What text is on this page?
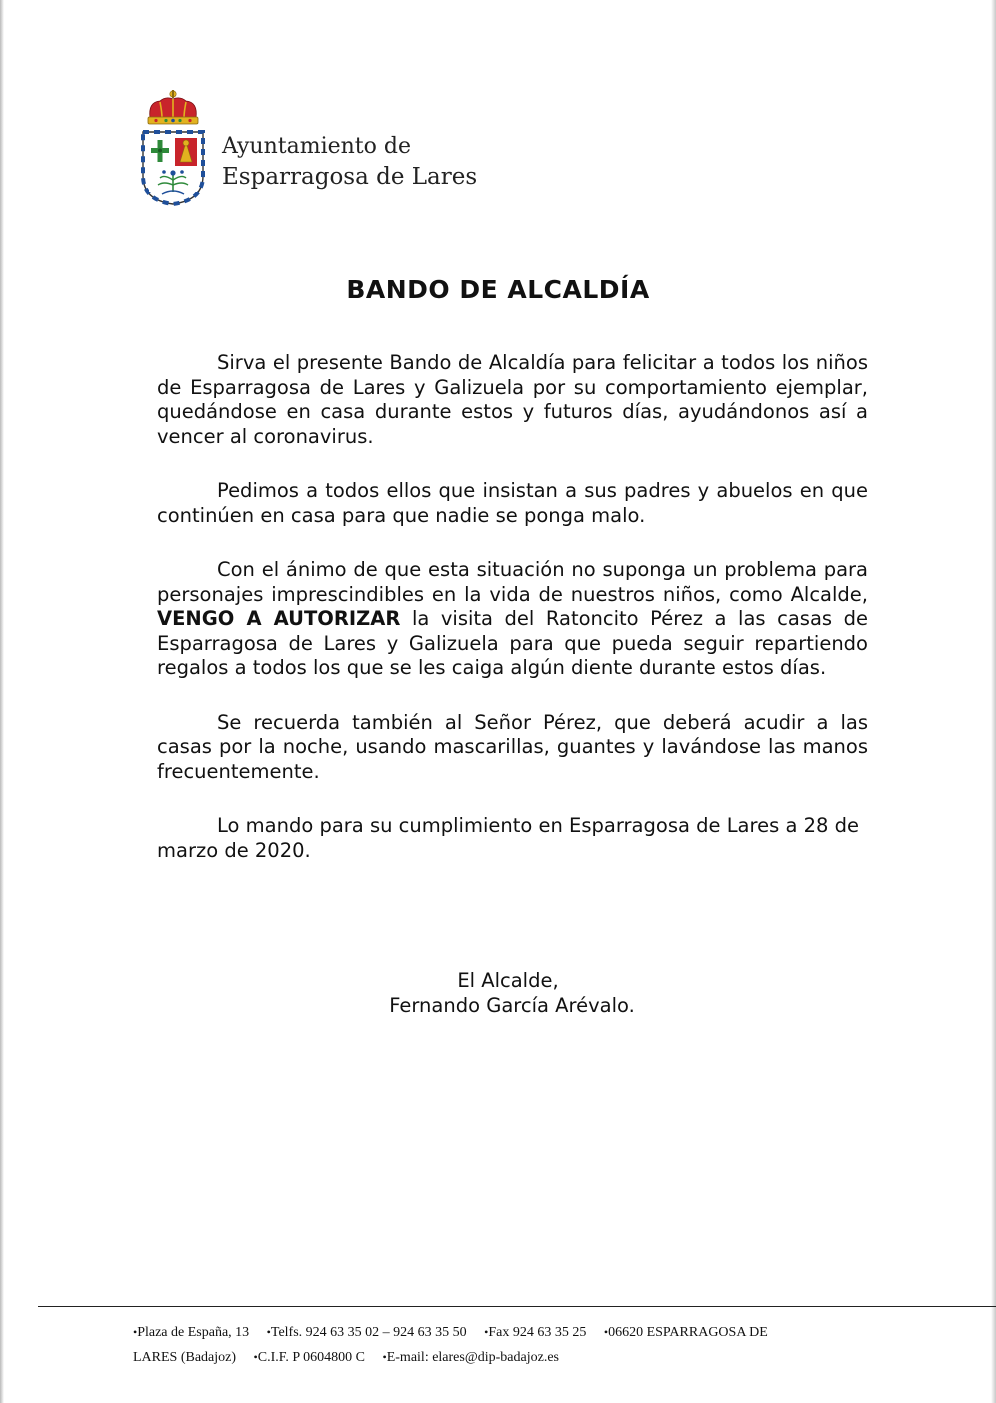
Ayuntamiento de
Esparragosa de Lares
BANDO DE ALCALDÍA

Sirva el presente Bando de Alcaldía para felicitar a todos los niños de Esparragosa de Lares y Galizuela por su comportamiento ejemplar, quedándose en casa durante estos y futuros días, ayudándonos así a vencer al coronavirus.

Pedimos a todos ellos que insistan a sus padres y abuelos en que continúen en casa para que nadie se ponga malo.

Con el ánimo de que esta situación no suponga un problema para personajes imprescindibles en la vida de nuestros niños, como Alcalde, VENGO A AUTORIZAR la visita del Ratoncito Pérez a las casas de Esparragosa de Lares y Galizuela para que pueda seguir repartiendo regalos a todos los que se les caiga algún diente durante estos días.

Se recuerda también al Señor Pérez, que deberá acudir a las casas por la noche, usando mascarillas, guantes y lavándose las manos frecuentemente.

Lo mando para su cumplimiento en Esparragosa de Lares a 28 de marzo de 2020.

El Alcalde,
Fernando García Arévalo.
• Plaza de España, 13 • Telfs. 924 63 35 02 – 924 63 35 50 • Fax 924 63 35 25 • 06620 ESPARRAGOSA DE
LARES (Badajoz) • C.I.F. P 0604800 C • E-mail: elares@dip-badajoz.es
